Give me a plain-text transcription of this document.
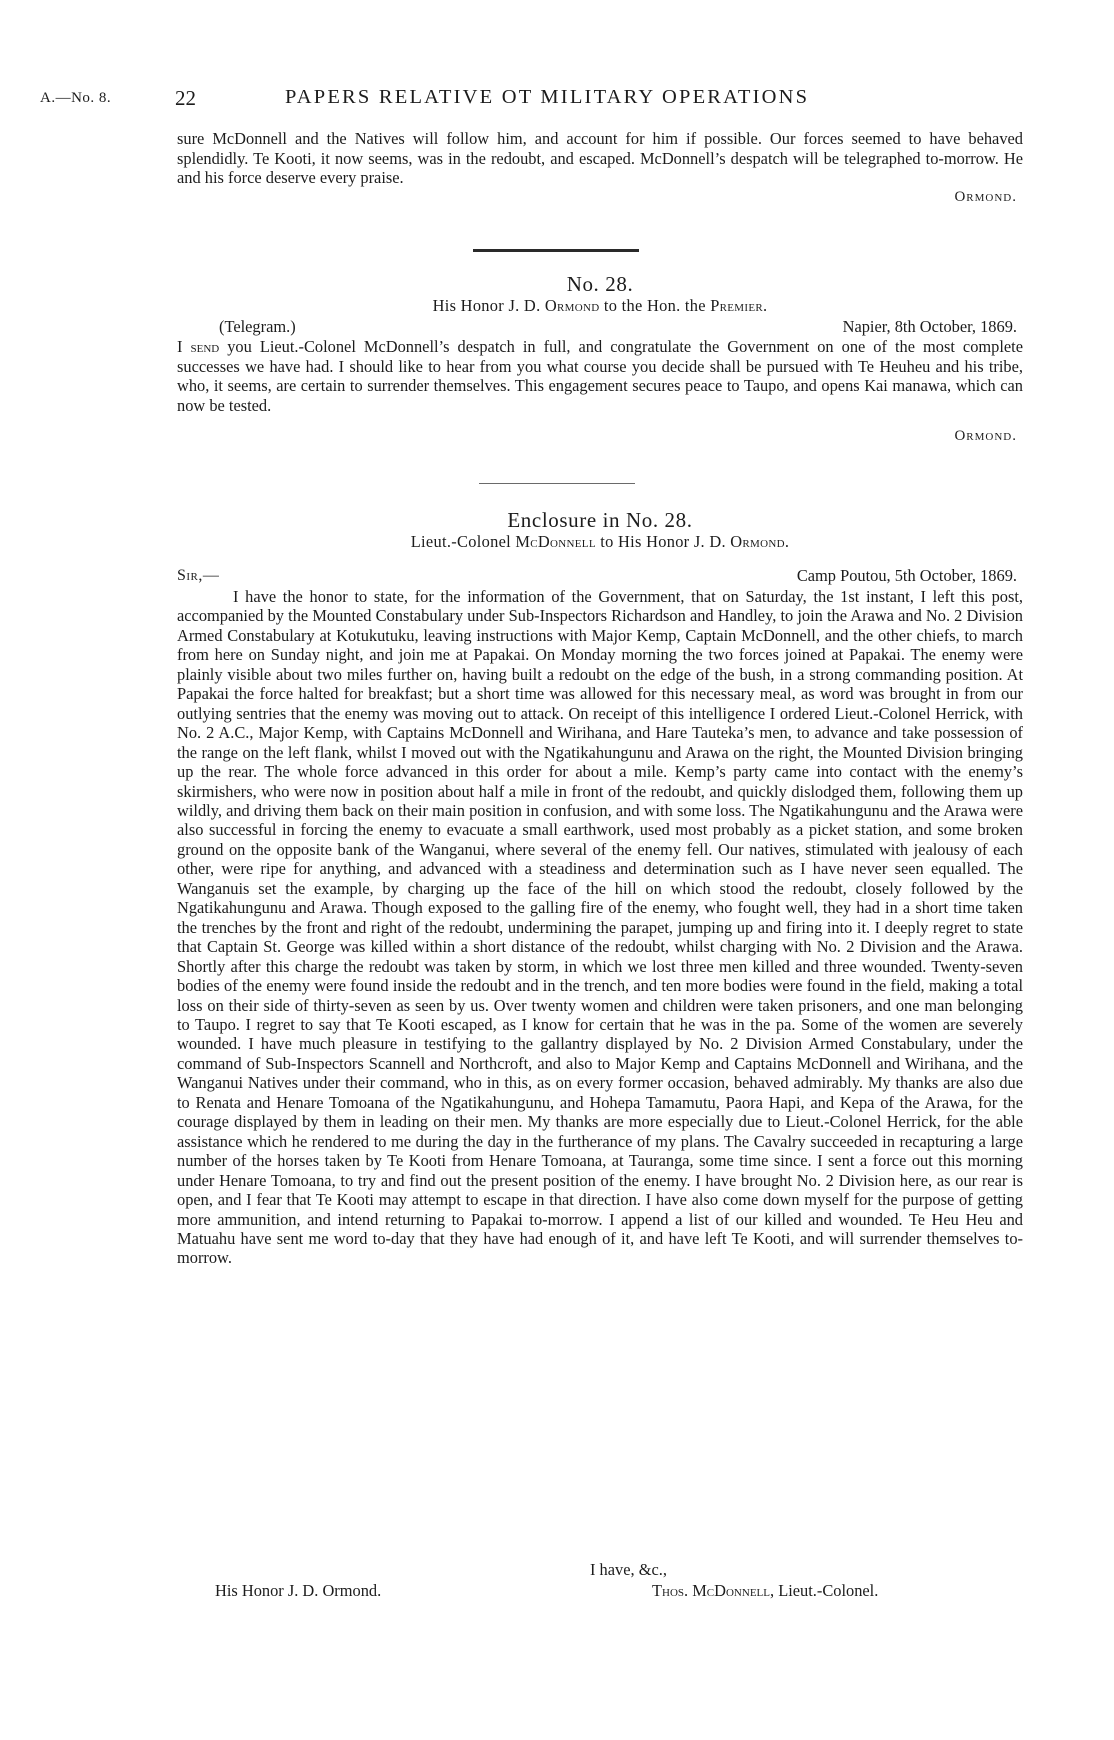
A.—No. 8.	22	PAPERS RELATIVE OT MILITARY OPERATIONS

sure McDonnell and the Natives will follow him, and account for him if possible. Our forces seemed to have behaved splendidly. Te Kooti, it now seems, was in the redoubt, and escaped. McDonnell’s despatch will be telegraphed to-morrow. He and his force deserve every praise.

Ormond.

No. 28.
His Honor J. D. Ormond to the Hon. the Premier.
(Telegram.)	Napier, 8th October, 1869.

I send you Lieut.-Colonel McDonnell’s despatch in full, and congratulate the Government on one of the most complete successes we have had. I should like to hear from you what course you decide shall be pursued with Te Heuheu and his tribe, who, it seems, are certain to surrender themselves. This engagement secures peace to Taupo, and opens Kai manawa, which can now be tested.

Ormond.

Enclosure in No. 28.
Lieut.-Colonel McDonnell to His Honor J. D. Ormond.
Sir,—	Camp Poutou, 5th October, 1869.

I have the honor to state, for the information of the Government, that on Saturday, the 1st instant, I left this post, accompanied by the Mounted Constabulary under Sub-Inspectors Richardson and Handley, to join the Arawa and No. 2 Division Armed Constabulary at Kotukutuku, leaving instructions with Major Kemp, Captain McDonnell, and the other chiefs, to march from here on Sunday night, and join me at Papakai. On Monday morning the two forces joined at Papakai. The enemy were plainly visible about two miles further on, having built a redoubt on the edge of the bush, in a strong commanding position. At Papakai the force halted for breakfast; but a short time was allowed for this necessary meal, as word was brought in from our outlying sentries that the enemy was moving out to attack. On receipt of this intelligence I ordered Lieut.-Colonel Herrick, with No. 2 A.C., Major Kemp, with Captains McDonnell and Wirihana, and Hare Tauteka’s men, to advance and take possession of the range on the left flank, whilst I moved out with the Ngatikahungunu and Arawa on the right, the Mounted Division bringing up the rear. The whole force advanced in this order for about a mile. Kemp’s party came into contact with the enemy’s skirmishers, who were now in position about half a mile in front of the redoubt, and quickly dislodged them, following them up wildly, and driving them back on their main position in confusion, and with some loss. The Ngatikahungunu and the Arawa were also successful in forcing the enemy to evacuate a small earthwork, used most probably as a picket station, and some broken ground on the opposite bank of the Wanganui, where several of the enemy fell. Our natives, stimulated with jealousy of each other, were ripe for anything, and advanced with a steadiness and determination such as I have never seen equalled. The Wanganuis set the example, by charging up the face of the hill on which stood the redoubt, closely followed by the Ngatikahungunu and Arawa. Though exposed to the galling fire of the enemy, who fought well, they had in a short time taken the trenches by the front and right of the redoubt, undermining the parapet, jumping up and firing into it. I deeply regret to state that Captain St. George was killed within a short distance of the redoubt, whilst charging with No. 2 Division and the Arawa. Shortly after this charge the redoubt was taken by storm, in which we lost three men killed and three wounded. Twenty-seven bodies of the enemy were found inside the redoubt and in the trench, and ten more bodies were found in the field, making a total loss on their side of thirty-seven as seen by us. Over twenty women and children were taken prisoners, and one man belonging to Taupo. I regret to say that Te Kooti escaped, as I know for certain that he was in the pa. Some of the women are severely wounded. I have much pleasure in testifying to the gallantry displayed by No. 2 Division Armed Constabulary, under the command of Sub-Inspectors Scannell and Northcroft, and also to Major Kemp and Captains McDonnell and Wirihana, and the Wanganui Natives under their command, who in this, as on every former occasion, behaved admirably. My thanks are also due to Renata and Henare Tomoana of the Ngatikahungunu, and Hohepa Tamamutu, Paora Hapi, and Kepa of the Arawa, for the courage displayed by them in leading on their men. My thanks are more especially due to Lieut.-Colonel Herrick, for the able assistance which he rendered to me during the day in the furtherance of my plans. The Cavalry succeeded in recapturing a large number of the horses taken by Te Kooti from Henare Tomoana, at Tauranga, some time since. I sent a force out this morning under Henare Tomoana, to try and find out the present position of the enemy. I have brought No. 2 Division here, as our rear is open, and I fear that Te Kooti may attempt to escape in that direction. I have also come down myself for the purpose of getting more ammunition, and intend returning to Papakai to-morrow. I append a list of our killed and wounded. Te Heu Heu and Matuahu have sent me word to-day that they have had enough of it, and have left Te Kooti, and will surrender themselves to-morrow.

I have, &c.,
His Honor J. D. Ormond.	Thos. McDonnell, Lieut.-Colonel.
